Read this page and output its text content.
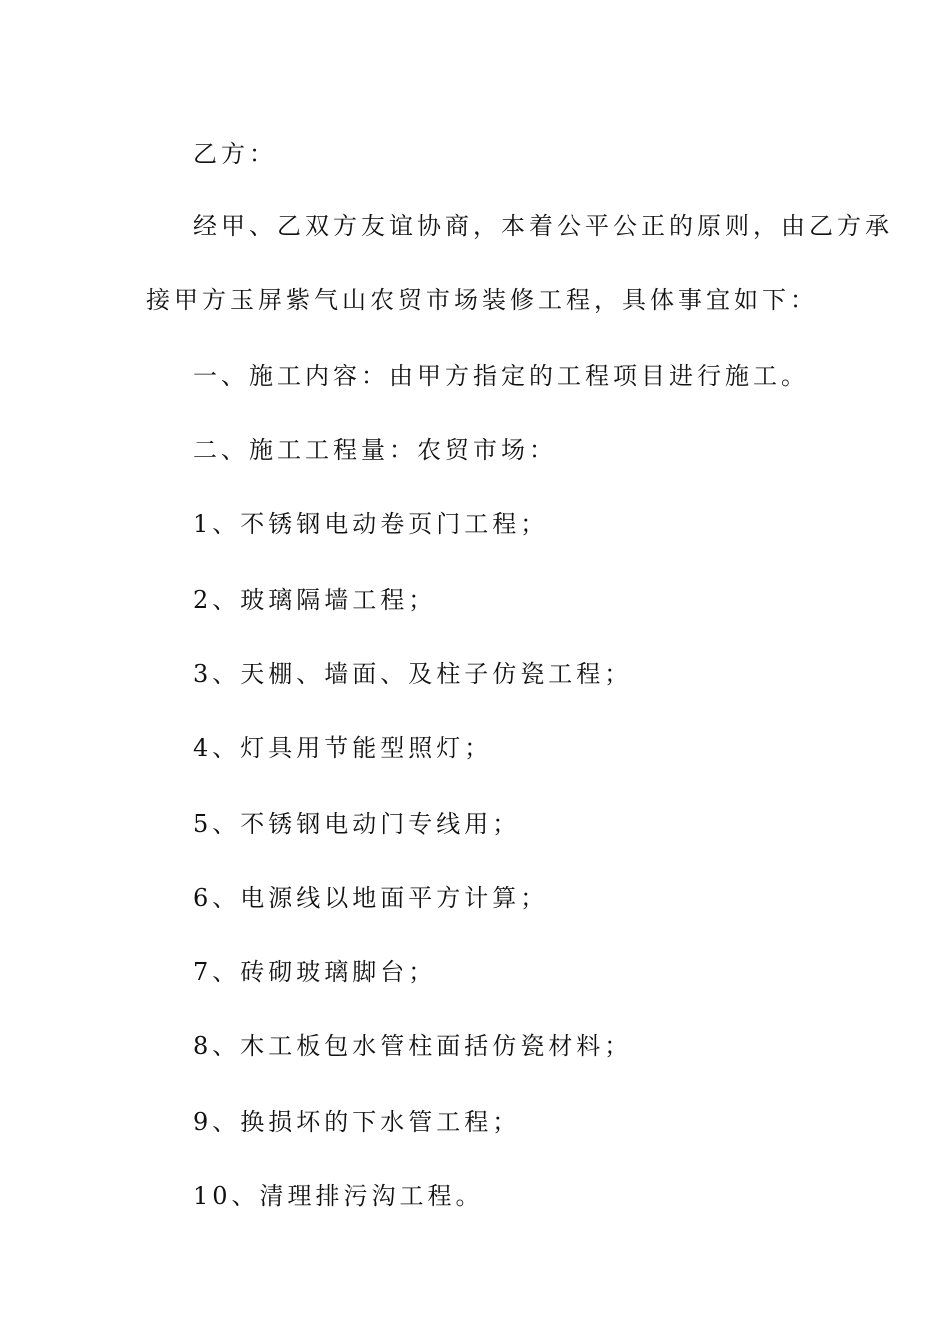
乙方：
经甲、乙双方友谊协商，本着公平公正的原则，由乙方承
接甲方玉屏紫气山农贸市场装修工程，具体事宜如下：
一、施工内容：由甲方指定的工程项目进行施工。
二、施工工程量：农贸市场：
1、不锈钢电动卷页门工程；
2、玻璃隔墙工程；
3、天棚、墙面、及柱子仿瓷工程；
4、灯具用节能型照灯；
5、不锈钢电动门专线用；
6、电源线以地面平方计算；
7、砖砌玻璃脚台；
8、木工板包水管柱面括仿瓷材料；
9、换损坏的下水管工程；
10、清理排污沟工程。
